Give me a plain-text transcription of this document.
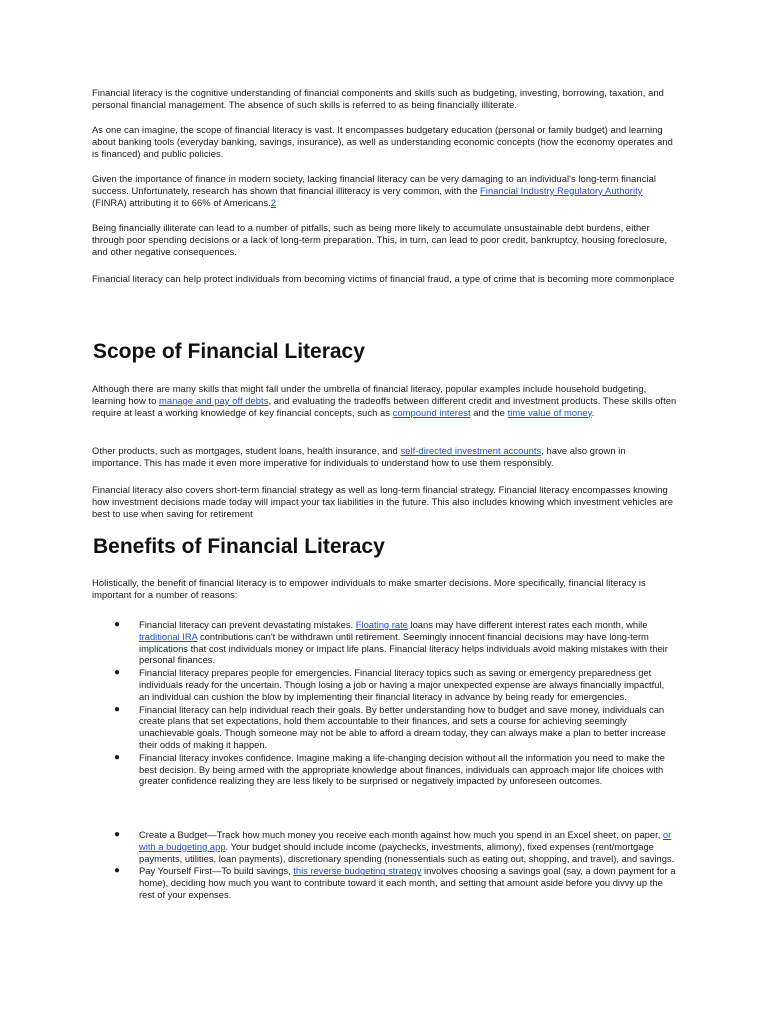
Financial literacy is the cognitive understanding of financial components and skills such as budgeting, investing, borrowing, taxation, and personal financial management. The absence of such skills is referred to as being financially illiterate.

As one can imagine, the scope of financial literacy is vast. It encompasses budgetary education (personal or family budget) and learning about banking tools (everyday banking, savings, insurance), as well as understanding economic concepts (how the economy operates and is financed) and public policies.

Given the importance of finance in modern society, lacking financial literacy can be very damaging to an individual's long-term financial success. Unfortunately, research has shown that financial illiteracy is very common, with the Financial Industry Regulatory Authority (FINRA) attributing it to 66% of Americans.2

Being financially illiterate can lead to a number of pitfalls, such as being more likely to accumulate unsustainable debt burdens, either through poor spending decisions or a lack of long-term preparation. This, in turn, can lead to poor credit, bankruptcy, housing foreclosure, and other negative consequences.

Financial literacy can help protect individuals from becoming victims of financial fraud, a type of crime that is becoming more commonplace

Scope of Financial Literacy

Although there are many skills that might fall under the umbrella of financial literacy, popular examples include household budgeting, learning how to manage and pay off debts, and evaluating the tradeoffs between different credit and investment products. These skills often require at least a working knowledge of key financial concepts, such as compound interest and the time value of money.

Other products, such as mortgages, student loans, health insurance, and self-directed investment accounts, have also grown in importance. This has made it even more imperative for individuals to understand how to use them responsibly.

Financial literacy also covers short-term financial strategy as well as long-term financial strategy. Financial literacy encompasses knowing how investment decisions made today will impact your tax liabilities in the future. This also includes knowing which investment vehicles are best to use when saving for retirement

Benefits of Financial Literacy

Holistically, the benefit of financial literacy is to empower individuals to make smarter decisions. More specifically, financial literacy is important for a number of reasons:

● Financial literacy can prevent devastating mistakes. Floating rate loans may have different interest rates each month, while traditional IRA contributions can't be withdrawn until retirement. Seemingly innocent financial decisions may have long-term implications that cost individuals money or impact life plans. Financial literacy helps individuals avoid making mistakes with their personal finances.
● Financial literacy prepares people for emergencies. Financial literacy topics such as saving or emergency preparedness get individuals ready for the uncertain. Though losing a job or having a major unexpected expense are always financially impactful, an individual can cushion the blow by implementing their financial literacy in advance by being ready for emergencies.
● Financial literacy can help individual reach their goals. By better understanding how to budget and save money, individuals can create plans that set expectations, hold them accountable to their finances, and sets a course for achieving seemingly unachievable goals. Though someone may not be able to afford a dream today, they can always make a plan to better increase their odds of making it happen.
● Financial literacy invokes confidence. Imagine making a life-changing decision without all the information you need to make the best decision. By being armed with the appropriate knowledge about finances, individuals can approach major life choices with greater confidence realizing they are less likely to be surprised or negatively impacted by unforeseen outcomes.
● Create a Budget—Track how much money you receive each month against how much you spend in an Excel sheet, on paper, or with a budgeting app. Your budget should include income (paychecks, investments, alimony), fixed expenses (rent/mortgage payments, utilities, loan payments), discretionary spending (nonessentials such as eating out, shopping, and travel), and savings.
● Pay Yourself First—To build savings, this reverse budgeting strategy involves choosing a savings goal (say, a down payment for a home), deciding how much you want to contribute toward it each month, and setting that amount aside before you divvy up the rest of your expenses.
